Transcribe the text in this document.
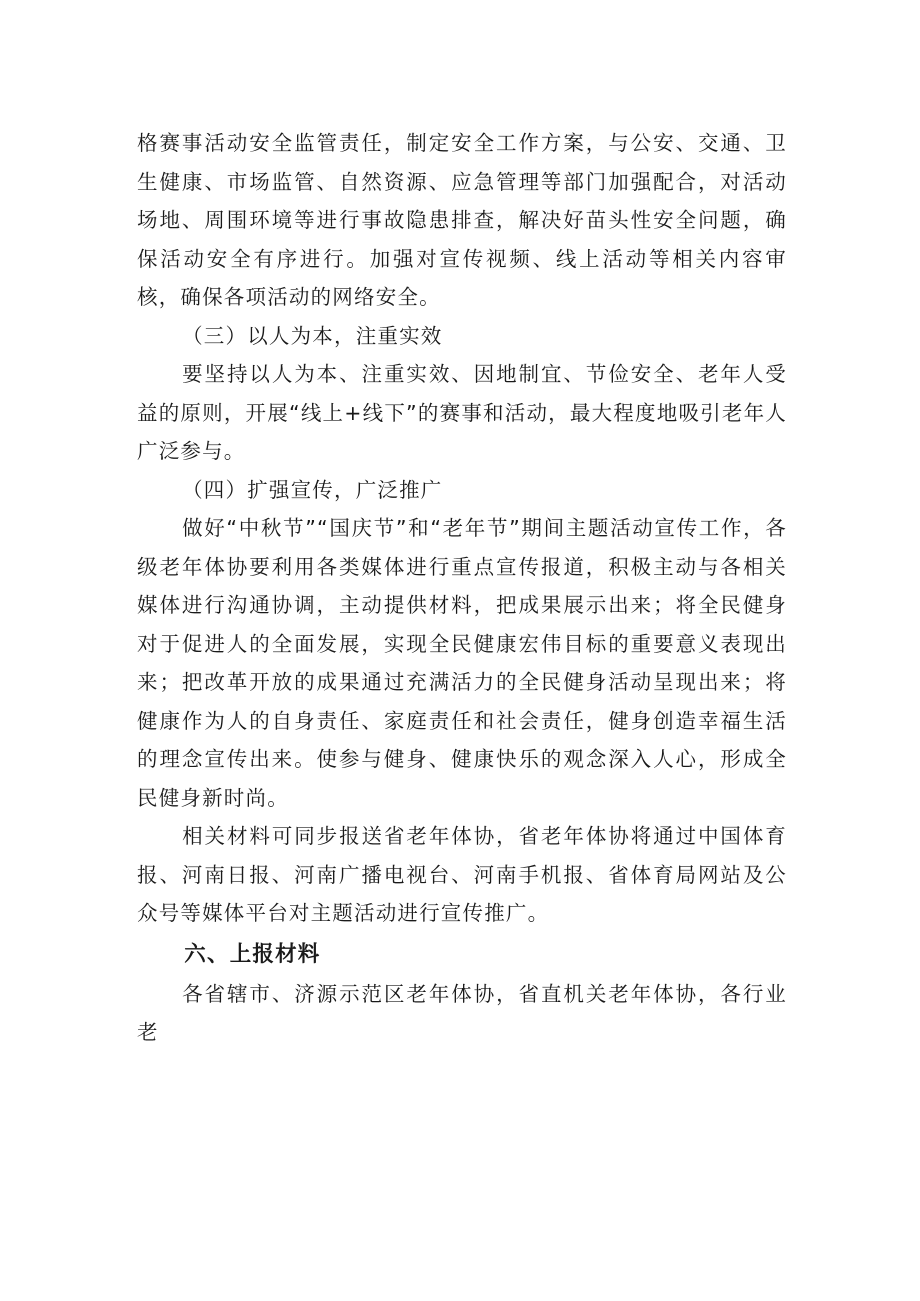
格赛事活动安全监管责任，制定安全工作方案，与公安、交通、卫生健康、市场监管、自然资源、应急管理等部门加强配合，对活动场地、周围环境等进行事故隐患排查，解决好苗头性安全问题，确保活动安全有序进行。加强对宣传视频、线上活动等相关内容审核，确保各项活动的网络安全。

（三）以人为本，注重实效

要坚持以人为本、注重实效、因地制宜、节俭安全、老年人受益的原则，开展“线上+线下”的赛事和活动，最大程度地吸引老年人广泛参与。

（四）扩强宣传，广泛推广

做好“中秋节”“国庆节”和“老年节”期间主题活动宣传工作，各级老年体协要利用各类媒体进行重点宣传报道，积极主动与各相关媒体进行沟通协调，主动提供材料，把成果展示出来；将全民健身对于促进人的全面发展，实现全民健康宏伟目标的重要意义表现出来；把改革开放的成果通过充满活力的全民健身活动呈现出来；将健康作为人的自身责任、家庭责任和社会责任，健身创造幸福生活的理念宣传出来。使参与健身、健康快乐的观念深入人心，形成全民健身新时尚。

相关材料可同步报送省老年体协，省老年体协将通过中国体育报、河南日报、河南广播电视台、河南手机报、省体育局网站及公众号等媒体平台对主题活动进行宣传推广。

六、上报材料

各省辖市、济源示范区老年体协，省直机关老年体协，各行业老
